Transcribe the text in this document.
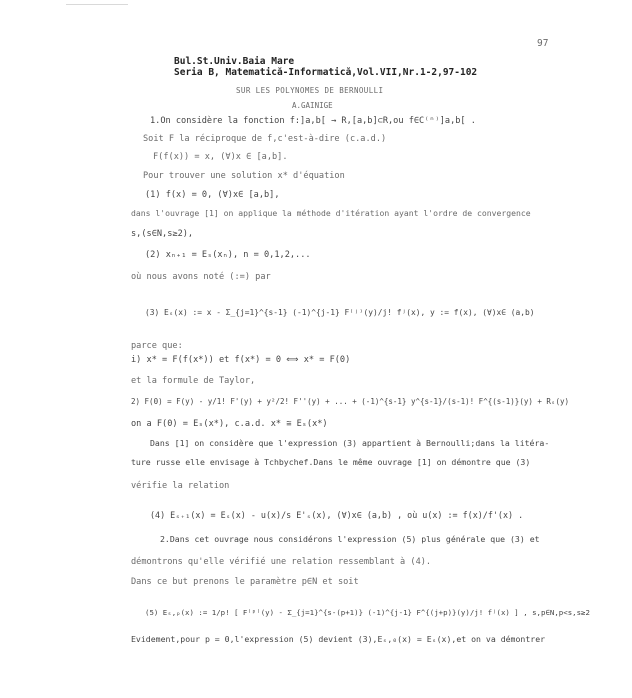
97
Bul.St.Univ.Baia Mare
Seria B, Matematică-Informatică,Vol.VII,Nr.1-2,97-102
SUR LES POLYNOMES DE BERNOULLI
A.GAINIGE
1.On considère la fonction f:]a,b[ → R,[a,b]⊂R,ou f∈C⁽ⁿ⁾]a,b[ .
Soit F la réciproque de f,c'est-à-dire (c.a.d.)
F(f(x)) = x, (∀)x ∈ [a,b].
Pour trouver une solution x* d'équation
(1) f(x) = 0, (∀)x∈ [a,b],
dans l'ouvrage [1] on applique la méthode d'itération ayant l'ordre de convergence
s,(s∈N,s≥2),
(2) xₙ₊₁ = Eₛ(xₙ), n = 0,1,2,...
où nous avons noté (:=) par
(3) Eₛ(x) := x - Σ_{j=1}^{s-1} (-1)^{j-1} F⁽ʲ⁾(y)/j! fʲ(x), y := f(x), (∀)x∈ (a,b)
parce que:
i) x* = F(f(x*)) et f(x*) = 0 ⟺ x* = F(0)
et la formule de Taylor,
2) F(0) = F(y) - y/1! F'(y) + y²/2! F''(y) + ... + (-1)^{s-1} y^{s-1}/(s-1)! F^{(s-1)}(y) + Rₛ(y)
on a F(0) = Eₛ(x*), c.a.d. x* ≅ Eₛ(x*)
Dans [1] on considère que l'expression (3) appartient à Bernoulli;dans la litéra-
ture russe elle envisage à Tchbychef.Dans le même ouvrage [1] on démontre que (3)
vérifie la relation
(4) Eₛ₊₁(x) = Eₛ(x) - u(x)/s E'ₛ(x), (∀)x∈ (a,b) , où u(x) := f(x)/f'(x) .
2.Dans cet ouvrage nous considérons l'expression (5) plus générale que (3) et
démontrons qu'elle vérifié une relation ressemblant à (4).
Dans ce but prenons le paramètre p∈N et soit
(5) Eₛ,ₚ(x) := 1/p! [ F⁽ᵖ⁾(y) - Σ_{j=1}^{s-(p+1)} (-1)^{j-1} F^{(j+p)}(y)/j! fʲ(x) ] , s,p∈N,p<s,s≥2
Evidement,pour p = 0,l'expression (5) devient (3),Eₛ,₀(x) = Eₛ(x),et on va démontrer
